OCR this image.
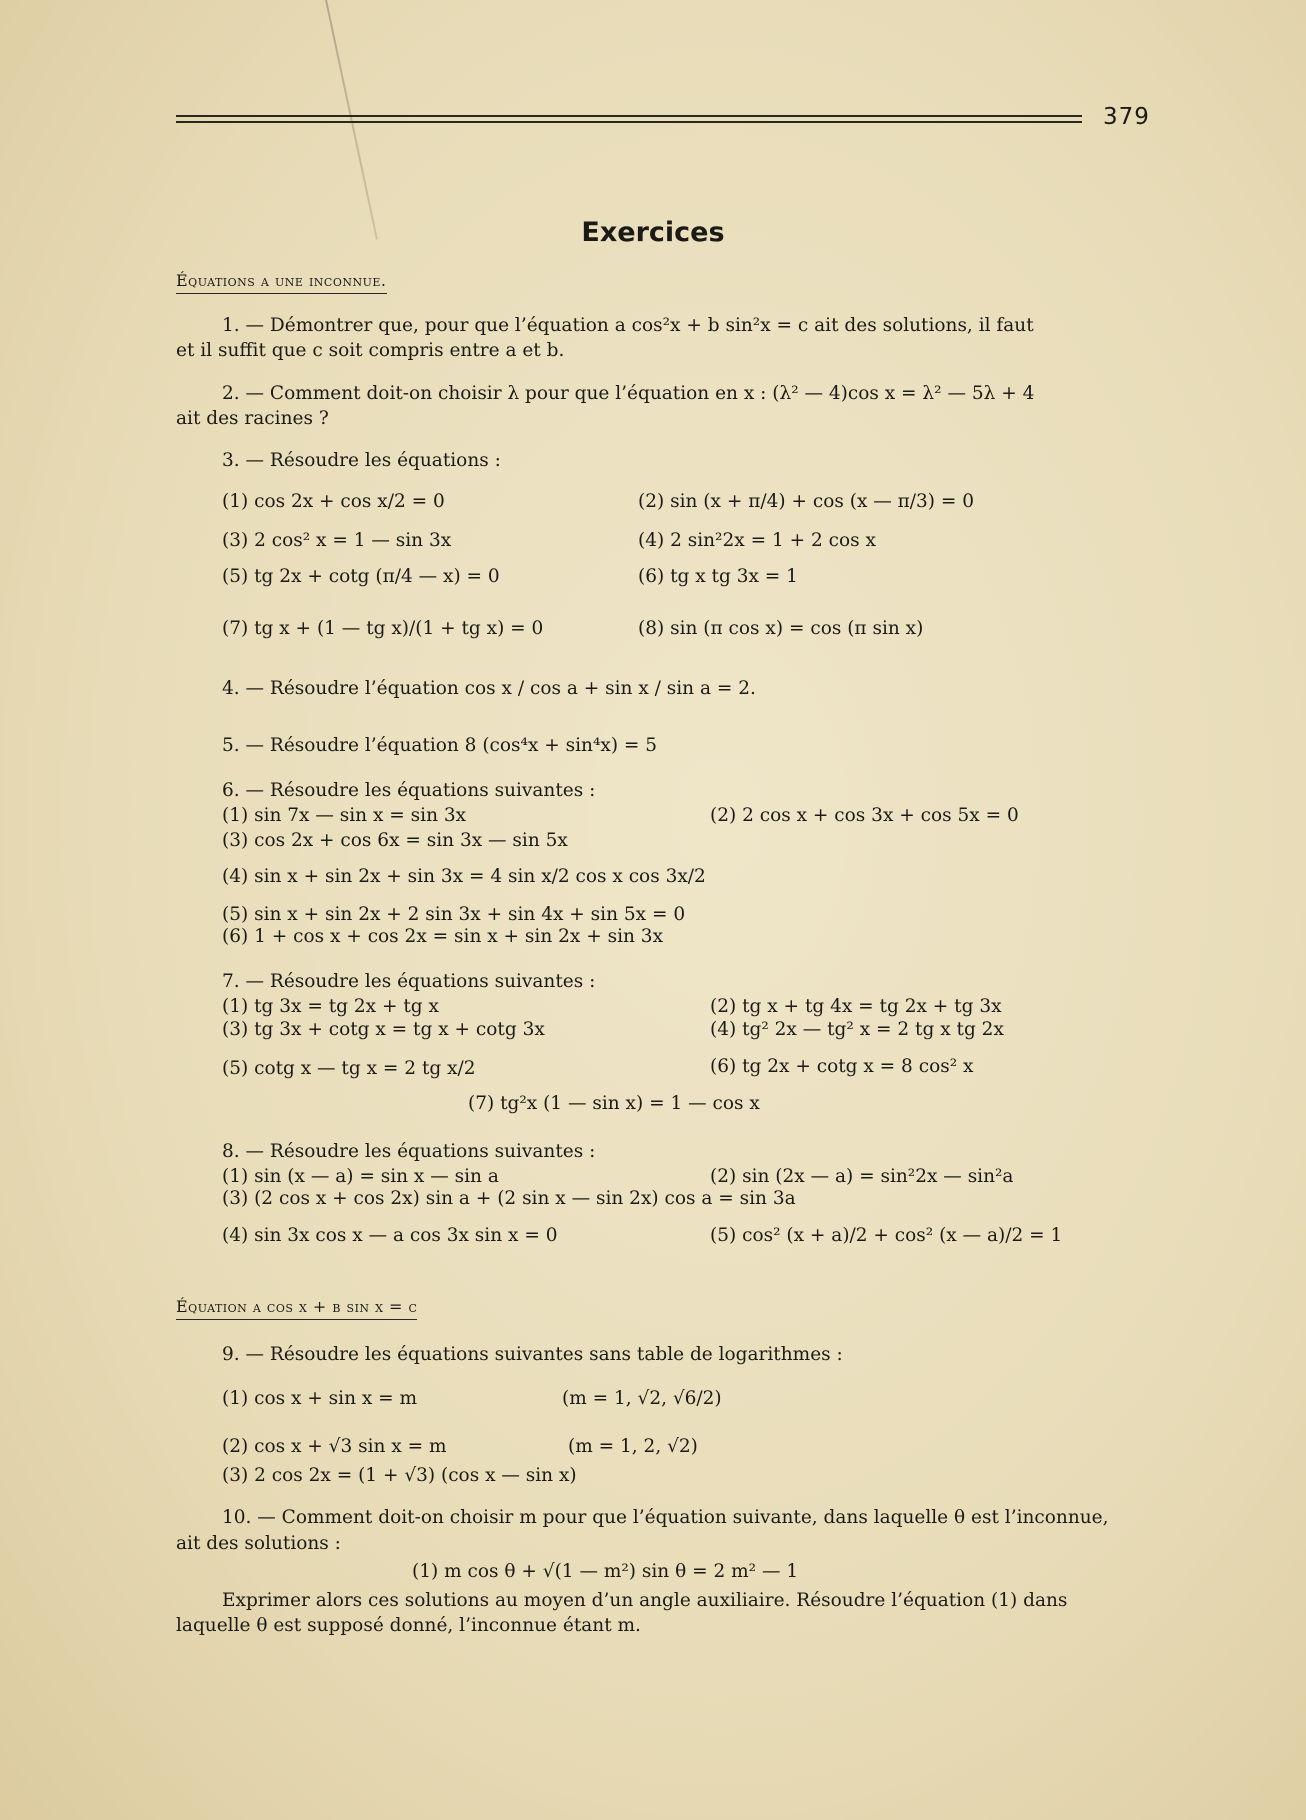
379
Exercices
Équations a une inconnue.
1. — Démontrer que, pour que l’équation a cos²x + b sin²x = c ait des solutions, il faut
et il suffit que c soit compris entre a et b.
2. — Comment doit-on choisir λ pour que l’équation en x : (λ² — 4)cos x = λ² — 5λ + 4
ait des racines ?
3. — Résoudre les équations :
(1) cos 2x + cos x/2 = 0	(2) sin (x + π/4) + cos (x — π/3) = 0
(3) 2 cos² x = 1 — sin 3x	(4) 2 sin²2x = 1 + 2 cos x
(5) tg 2x + cotg (π/4 — x) = 0	(6) tg x tg 3x = 1
(7) tg x + (1 — tg x)/(1 + tg x) = 0	(8) sin (π cos x) = cos (π sin x)
4. — Résoudre l’équation cos x / cos a + sin x / sin a = 2.
5. — Résoudre l’équation 8 (cos⁴x + sin⁴x) = 5
6. — Résoudre les équations suivantes :
(1) sin 7x — sin x = sin 3x	(2) 2 cos x + cos 3x + cos 5x = 0
(3) cos 2x + cos 6x = sin 3x — sin 5x
(4) sin x + sin 2x + sin 3x = 4 sin x/2 cos x cos 3x/2
(5) sin x + sin 2x + 2 sin 3x + sin 4x + sin 5x = 0
(6) 1 + cos x + cos 2x = sin x + sin 2x + sin 3x
7. — Résoudre les équations suivantes :
(1) tg 3x = tg 2x + tg x	(2) tg x + tg 4x = tg 2x + tg 3x
(3) tg 3x + cotg x = tg x + cotg 3x	(4) tg² 2x — tg² x = 2 tg x tg 2x
(5) cotg x — tg x = 2 tg x/2	(6) tg 2x + cotg x = 8 cos² x
(7) tg²x (1 — sin x) = 1 — cos x
8. — Résoudre les équations suivantes :
(1) sin (x — a) = sin x — sin a	(2) sin (2x — a) = sin²2x — sin²a
(3) (2 cos x + cos 2x) sin a + (2 sin x — sin 2x) cos a = sin 3a
(4) sin 3x cos x — a cos 3x sin x = 0	(5) cos² (x + a)/2 + cos² (x — a)/2 = 1
Équation a cos x + b sin x = c
9. — Résoudre les équations suivantes sans table de logarithmes :
(1) cos x + sin x = m	(m = 1, √2, √6/2)
(2) cos x + √3 sin x = m	(m = 1, 2, √2)
(3) 2 cos 2x = (1 + √3) (cos x — sin x)
10. — Comment doit-on choisir m pour que l’équation suivante, dans laquelle θ est l’inconnue,
ait des solutions :
(1) m cos θ + √(1 — m²) sin θ = 2 m² — 1
Exprimer alors ces solutions au moyen d’un angle auxiliaire. Résoudre l’équation (1) dans
laquelle θ est supposé donné, l’inconnue étant m.
